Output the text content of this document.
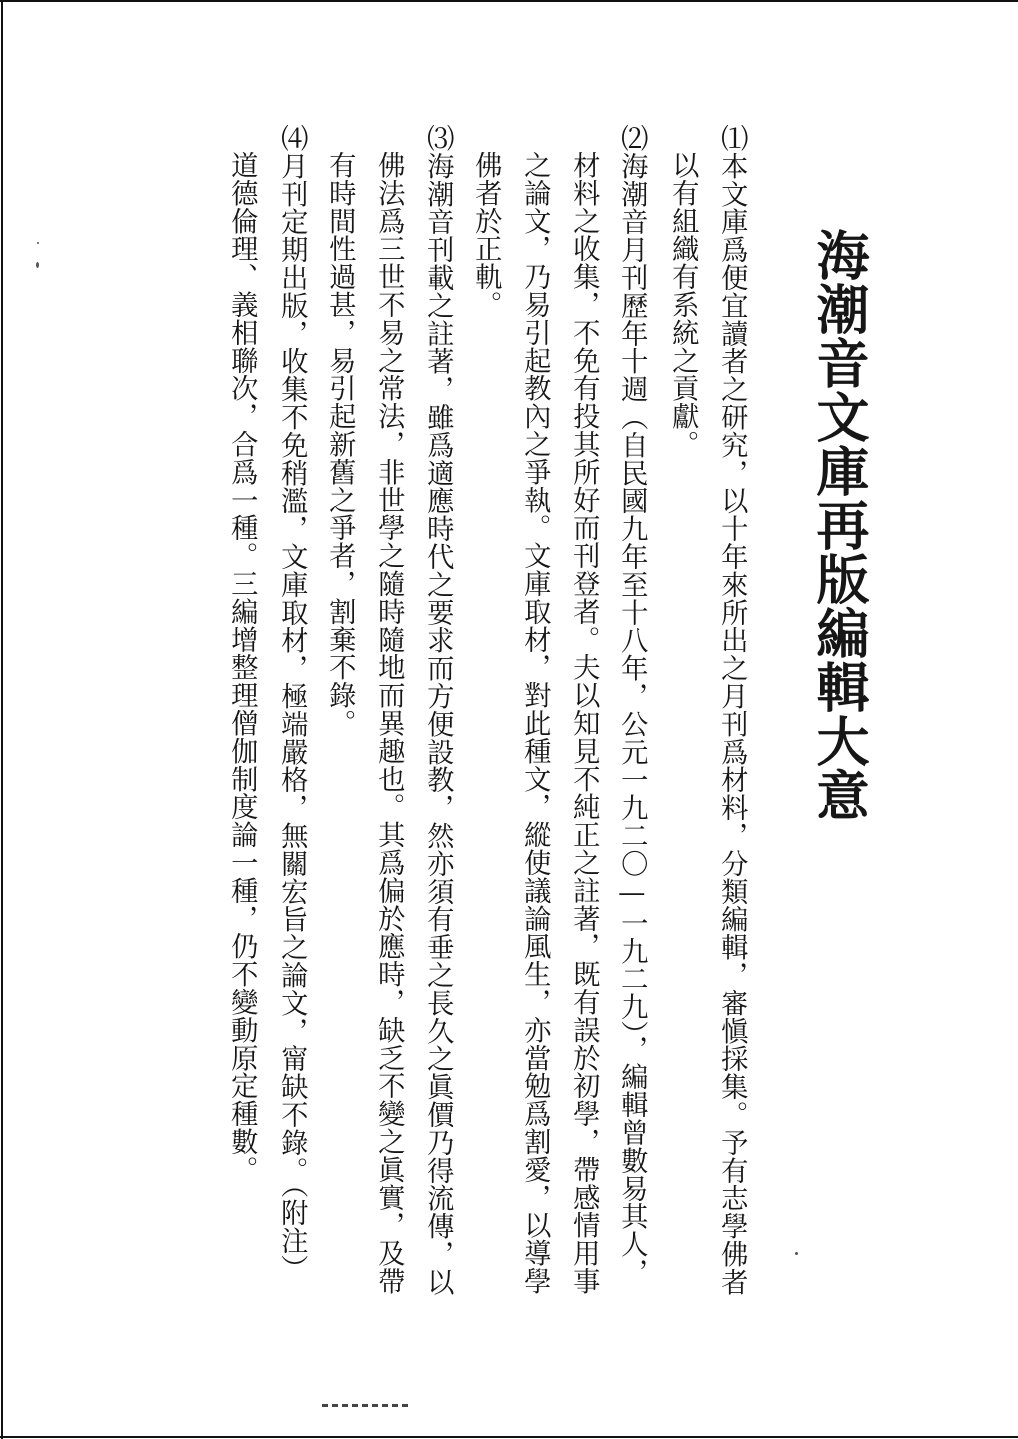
海潮音文庫再版編輯大意
⑴本文庫爲便宜讀者之研究，以十年來所出之月刊爲材料，分類編輯，審愼採集。予有志學佛者
以有組織有系統之貢獻。
⑵海潮音月刊歷年十週（自民國九年至十八年，公元一九二〇—一九二九），編輯曾數易其人，
材料之收集，不免有投其所好而刊登者。夫以知見不純正之註著，既有誤於初學，帶感情用事
之論文，乃易引起教內之爭執。文庫取材，對此種文，縱使議論風生，亦當勉爲割愛，以導學
佛者於正軌。
⑶海潮音刊載之註著，雖爲適應時代之要求而方便設教，然亦須有垂之長久之眞價乃得流傳，以
佛法爲三世不易之常法，非世學之隨時隨地而異趣也。其爲偏於應時，缺乏不變之眞實，及帶
有時間性過甚，易引起新舊之爭者，割棄不錄。
⑷月刊定期出版，收集不免稍濫，文庫取材，極端嚴格，無關宏旨之論文，甯缺不錄。（附注）
道德倫理、義相聯次，合爲一種。三編增整理僧伽制度論一種，仍不變動原定種數。
